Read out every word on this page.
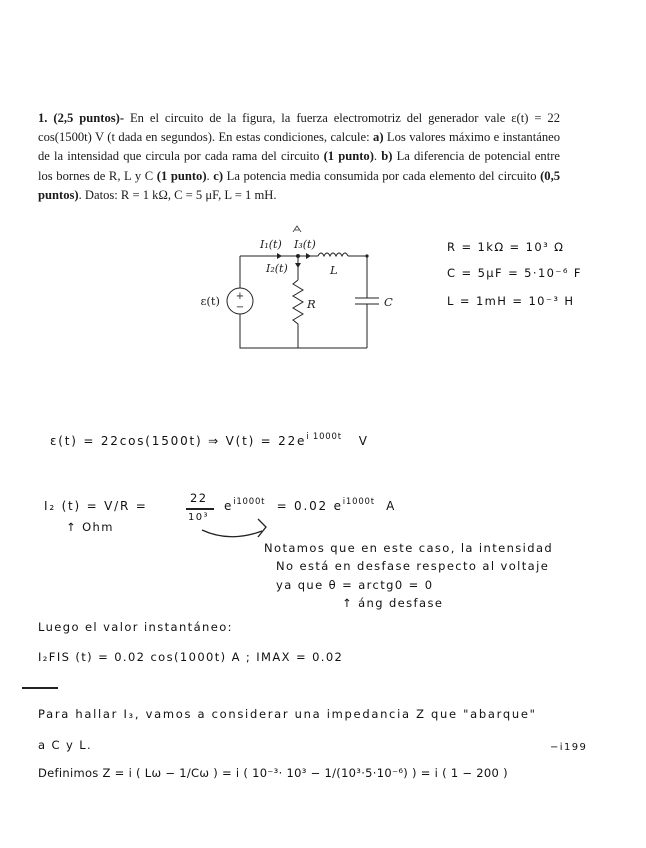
1. (2,5 puntos)- En el circuito de la figura, la fuerza electromotriz del generador vale ε(t) = 22 cos(1500t) V (t dada en segundos). En estas condiciones, calcule: a) Los valores máximo e instantáneo de la intensidad que circula por cada rama del circuito (1 punto). b) La diferencia de potencial entre los bornes de R, L y C (1 punto). c) La potencia media consumida por cada elemento del circuito (0,5 puntos). Datos: R = 1 kΩ, C = 5 μF, L = 1 mH.
+
−
ε(t)
I₁(t) I₃(t)
I₂(t)	L
R	C
R = 1kΩ = 10³ Ω
C = 5μF = 5·10⁻⁶ F
L = 1mH = 10⁻³ H
ε(t) = 22cos(1500t) ⇒ $V(t) = 22e^{i 1000t}$ V
I₂ (t) = V/R =
22
10³
$e^{i1000t} = 0.02$ $e^{i1000t}$ A
↑ Ohm
Notamos que en este caso, la intensidad
No está en desfase respecto al voltaje
ya que θ = arctg0 = 0
↑ áng desfase
Luego el valor instantáneo:
I₂FIS (t) = 0.02 cos(1000t) A ; IMAX = 0.02
Para hallar I₃, vamos a considerar una impedancia Z que "abarque"
a C y L.	−i199
Definimos Z = i ( Lω − 1/Cω ) = i ( 10⁻³· 10³ − 1/(10³·5·10⁻⁶) ) = i ( 1 − 200 )
